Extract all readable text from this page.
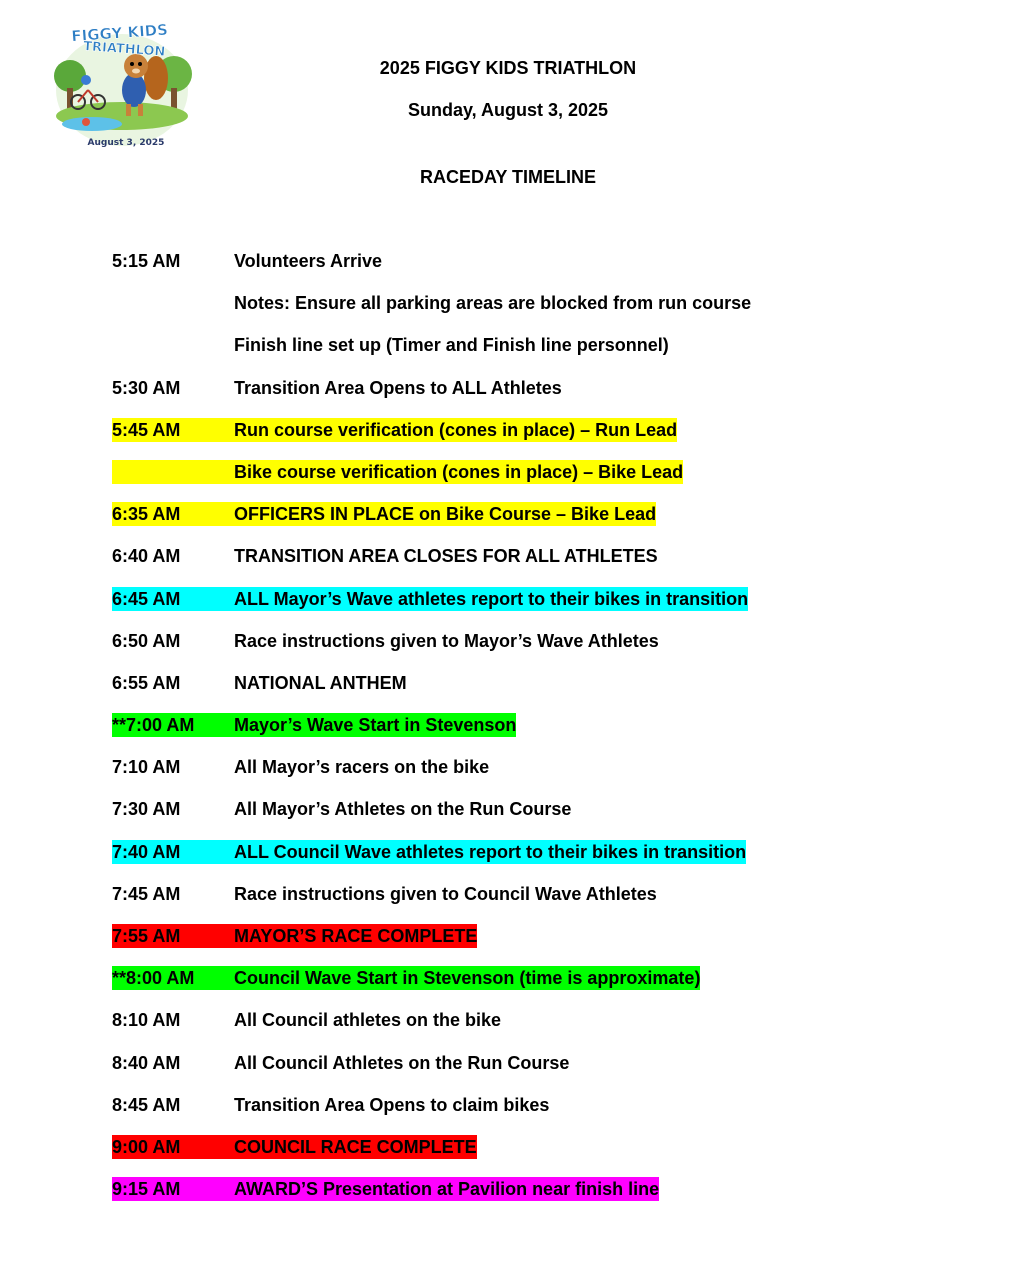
FIGGY KIDS
TRIATHLON
August 3, 2025
2025 FIGGY KIDS TRIATHLON
Sunday, August 3, 2025
RACEDAY TIMELINE
5:15 AM	Volunteers Arrive
Notes: Ensure all parking areas are blocked from run course
Finish line set up (Timer and Finish line personnel)
5:30 AM	Transition Area Opens to ALL Athletes
5:45 AM	Run course verification (cones in place) – Run Lead
Bike course verification (cones in place) – Bike Lead
6:35 AM	OFFICERS IN PLACE on Bike Course – Bike Lead
6:40 AM	TRANSITION AREA CLOSES FOR ALL ATHLETES
6:45 AM	ALL Mayor’s Wave athletes report to their bikes in transition
6:50 AM	Race instructions given to Mayor’s Wave Athletes
6:55 AM	NATIONAL ANTHEM
**7:00 AM	Mayor’s Wave Start in Stevenson
7:10 AM	All Mayor’s racers on the bike
7:30 AM	All Mayor’s Athletes on the Run Course
7:40 AM	ALL Council Wave athletes report to their bikes in transition
7:45 AM	Race instructions given to Council Wave Athletes
7:55 AM	MAYOR’S RACE COMPLETE
**8:00 AM	Council Wave Start in Stevenson (time is approximate)
8:10 AM	All Council athletes on the bike
8:40 AM	All Council Athletes on the Run Course
8:45 AM	Transition Area Opens to claim bikes
9:00 AM	COUNCIL RACE COMPLETE
9:15 AM	AWARD’S Presentation at Pavilion near finish line
